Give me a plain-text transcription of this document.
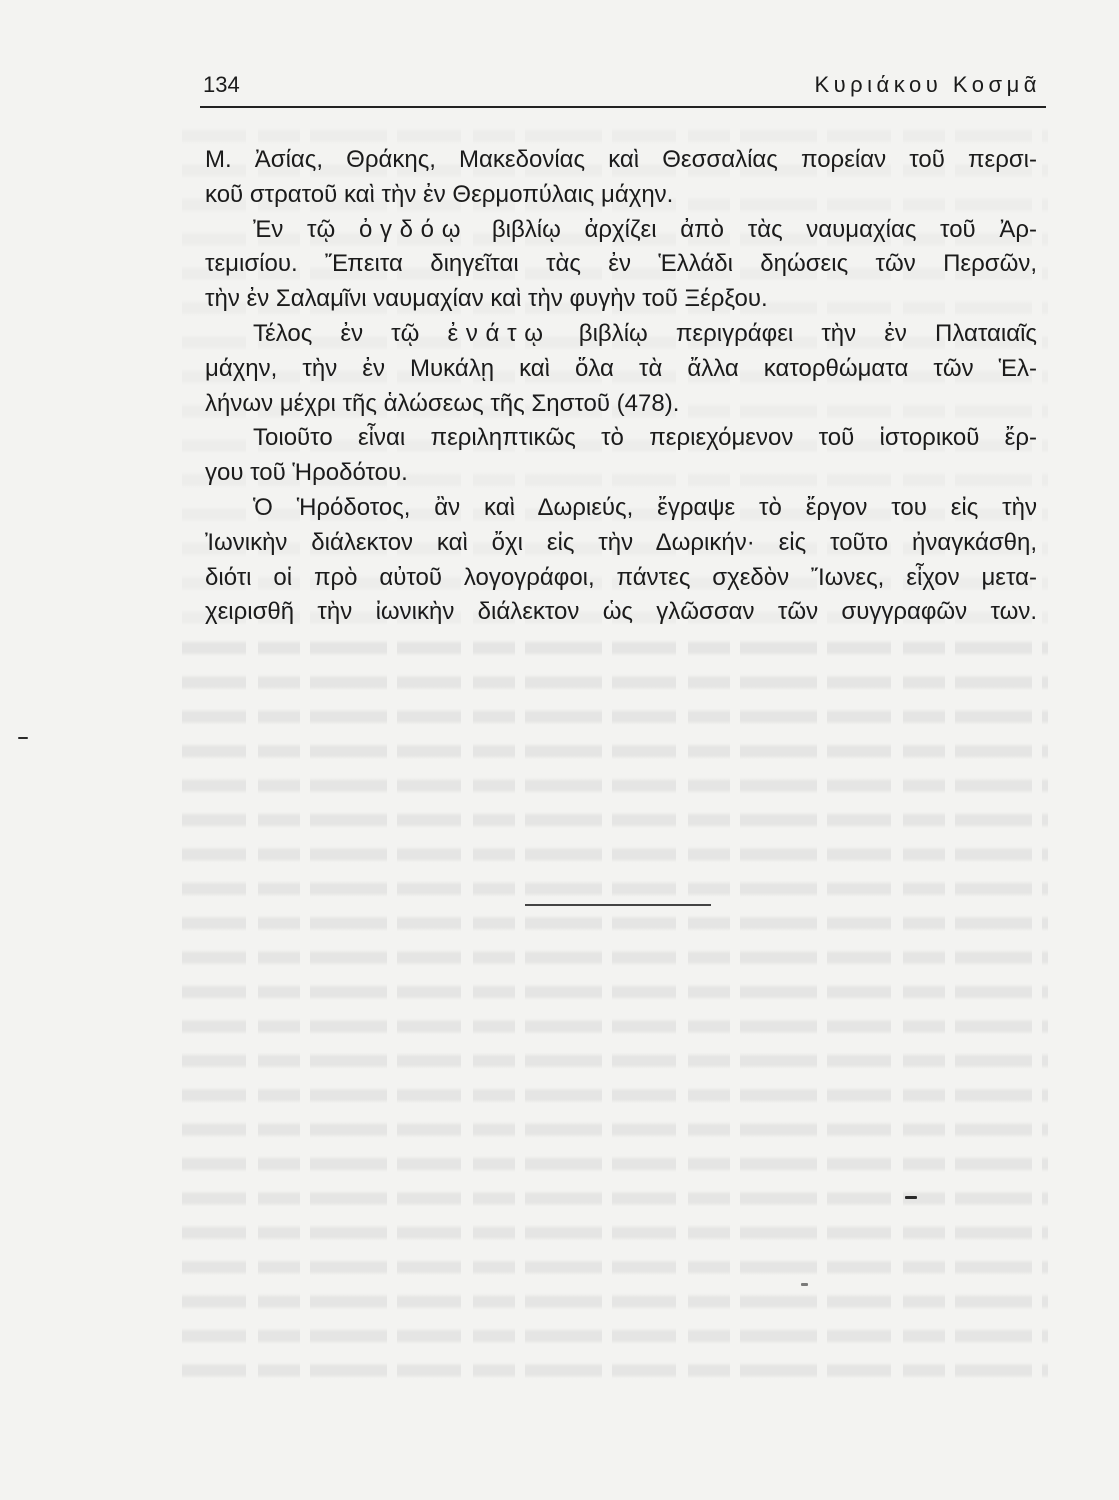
134	Κυριάκου Κοσμᾶ
Μ. Ἀσίας, Θράκης, Μακεδονίας καὶ Θεσσαλίας πορείαν τοῦ περσι-
κοῦ στρατοῦ καὶ τὴν ἐν Θερμοπύλαις μάχην.
Ἐν τῷ ὀγδόῳ βιβλίῳ ἀρχίζει ἀπὸ τὰς ναυμαχίας τοῦ Ἀρ-
τεμισίου. Ἔπειτα διηγεῖται τὰς ἐν Ἑλλάδι δηώσεις τῶν Περσῶν,
τὴν ἐν Σαλαμῖνι ναυμαχίαν καὶ τὴν φυγὴν τοῦ Ξέρξου.
Τέλος ἐν τῷ ἐνάτῳ βιβλίῳ περιγράφει τὴν ἐν Πλαταιαῖς
μάχην, τὴν ἐν Μυκάλῃ καὶ ὅλα τὰ ἄλλα κατορθώματα τῶν Ἑλ-
λήνων μέχρι τῆς ἁλώσεως τῆς Σηστοῦ (478).
Τοιοῦτο εἶναι περιληπτικῶς τὸ περιεχόμενον τοῦ ἱστορικοῦ ἔρ-
γου τοῦ Ἡροδότου.
Ὁ Ἡρόδοτος, ἂν καὶ Δωριεύς, ἔγραψε τὸ ἔργον του εἰς τὴν
Ἰωνικὴν διάλεκτον καὶ ὄχι εἰς τὴν Δωρικήν· εἰς τοῦτο ἠναγκάσθη,
διότι οἱ πρὸ αὐτοῦ λογογράφοι, πάντες σχεδὸν Ἴωνες, εἶχον μετα-
χειρισθῆ τὴν ἰωνικὴν διάλεκτον ὡς γλῶσσαν τῶν συγγραφῶν των.
